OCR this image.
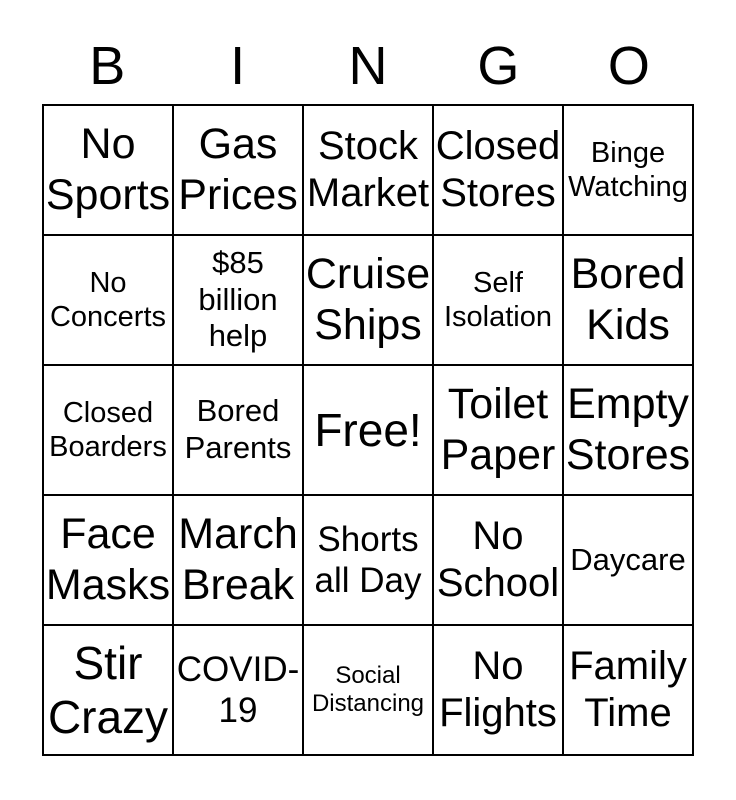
B	I	N	G	O
No Sports
Gas Prices
Stock Market
Closed Stores
Binge Watching
No Concerts
$85 billion help
Cruise Ships
Self Isolation
Bored Kids
Closed Boarders
Bored Parents Free! Toilet Paper
Empty Stores
Face Masks
March Break
Shorts all Day
No School
Daycare
Stir Crazy
COVID-19
Social Distancing
No Flights
Family Time
